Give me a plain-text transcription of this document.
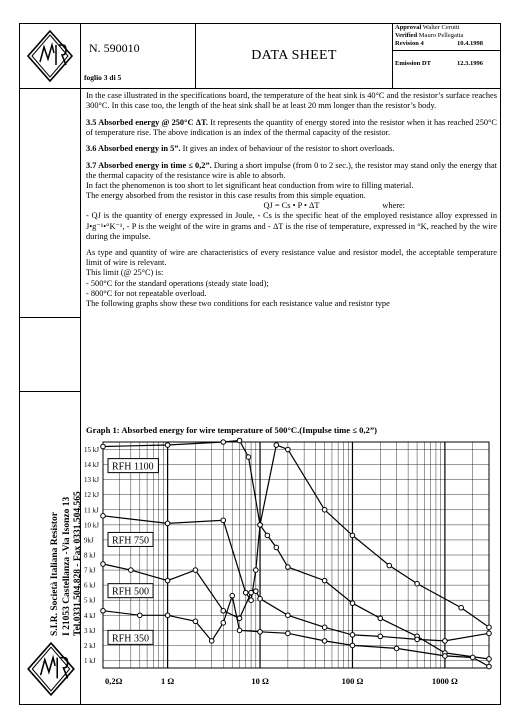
N. 590010
foglio 3 di 5
DATA SHEET
Approval Walter Cerutti
Verified Mauro Pellegatta
Revision 4	10.4.1998
Emission DT	12.3.1996
S.I.R. Società Italiana Resistor I 21053 Castellanza -Via Isonzo 13 Tel.0331.504.828 - Fax 0331.504.565

In the case illustrated in the specifications board, the temperature of the heat sink is 40°C and the resistor’s surface reaches 300°C. In this case too, the length of the heat sink shall be at least 20 mm longer than the resistor’s body.

3.5 Absorbed energy @ 250°C ΔT. It represents the quantity of energy stored into the resistor when it has reached 250°C of temperature rise. The above indication is an index of the thermal capacity of the resistor.

3.6 Absorbed energy in 5”. It gives an index of behaviour of the resistor to short overloads.

3.7 Absorbed energy in time ≤ 0,2”. During a short impulse (from 0 to 2 sec.), the resistor may stand only the energy that the thermal capacity of the resistance wire is able to absorb.

In fact the phenomenon is too short to let significant heat conduction from wire to filling material.

The energy absorbed from the resistor in this case results from this simple equation.

QJ = Cs • P • ΔT	where:

- QJ is the quantity of energy expressed in Joule, - Cs is the specific heat of the employed resistance alloy expressed in J•g⁻¹•°K⁻¹, - P is the weight of the wire in grams and - ΔT is the rise of temperature, expressed in °K, reached by the wire during the impulse.

As type and quantity of wire are characteristics of every resistance value and resistor model, the acceptable temperature limit of wire is relevant.

This limit (@ 25°C) is:

- 500°C for the standard operations (steady state load);

- 800°C for not repeatable overload.

The following graphs show these two conditions for each resistance value and resistor type

Graph 1: Absorbed energy for wire temperature of 500°C.(Impulse time ≤ 0,2”)
15 kJ
14 kJ
13 kJ
12 kJ
11 kJ
10 kJ
9kJ
8 kJ
7 kJ
6 kJ
5 kJ
4 kJ
3 kJ
2 kJ
1 kJ
0,2Ω	1 Ω	10 Ω	100 Ω	1000 Ω
RFH 1100
RFH 750
RFH 500
RFH 350
